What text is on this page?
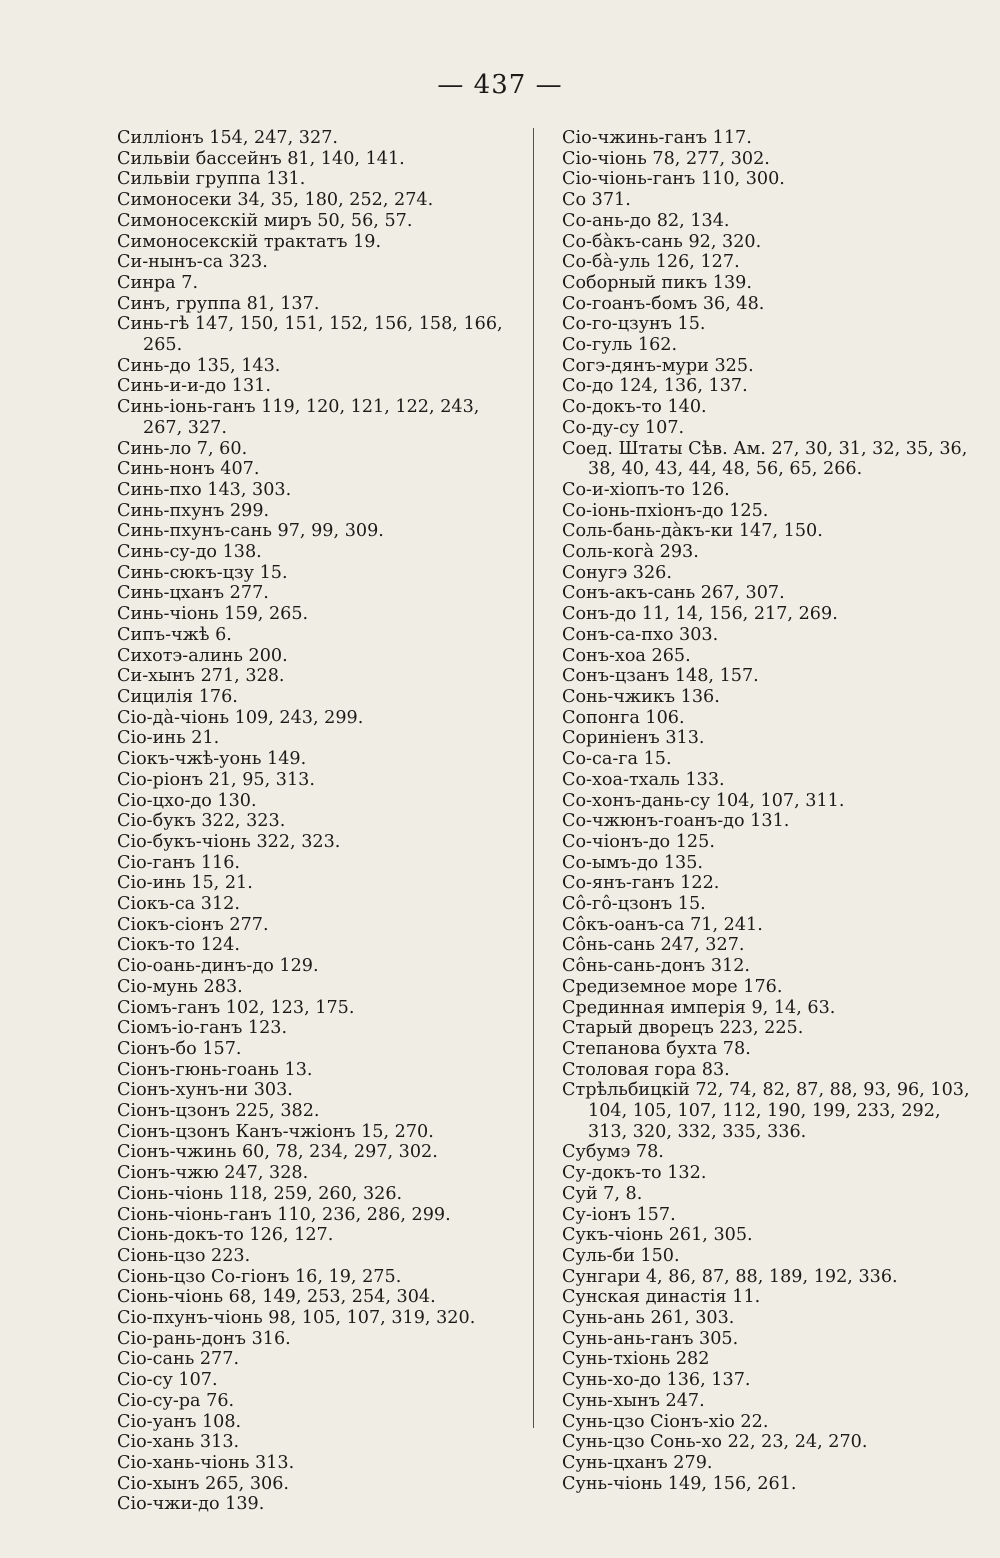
— 437 —
Силліонъ 154, 247, 327.
Сильвіи бассейнъ 81, 140, 141.
Сильвіи группа 131.
Симоносеки 34, 35, 180, 252, 274.
Симоносекскій миръ 50, 56, 57.
Симоносекскій трактатъ 19.
Си-нынъ-са 323.
Синра 7.
Синъ, группа 81, 137.
Синь-гѣ 147, 150, 151, 152, 156, 158, 166, 265.
Синь-до 135, 143.
Синь-и-и-до 131.
Синь-іонь-ганъ 119, 120, 121, 122, 243, 267, 327.
Синь-ло 7, 60.
Синь-нонъ 407.
Синь-пхо 143, 303.
Синь-пхунъ 299.
Синь-пхунъ-сань 97, 99, 309.
Синь-су-до 138.
Синь-сюкъ-цзу 15.
Синь-цханъ 277.
Синь-чіонь 159, 265.
Сипъ-чжѣ 6.
Сихотэ-алинь 200.
Си-хынъ 271, 328.
Сицилія 176.
Сіо-дà-чіонь 109, 243, 299.
Сіо-инь 21.
Сіокъ-чжѣ-уонь 149.
Сіо-ріонъ 21, 95, 313.
Сіо-цхо-до 130.
Сіо-букъ 322, 323.
Сіо-букъ-чіонь 322, 323.
Сіо-ганъ 116.
Сіо-инь 15, 21.
Сіокъ-са 312.
Сіокъ-сіонъ 277.
Сіокъ-то 124.
Сіо-оань-динъ-до 129.
Сіо-мунь 283.
Сіомъ-ганъ 102, 123, 175.
Сіомъ-іо-ганъ 123.
Сіонъ-бо 157.
Сіонъ-гюнь-гоань 13.
Сіонъ-хунъ-ни 303.
Сіонъ-цзонъ 225, 382.
Сіонъ-цзонъ Канъ-чжіонъ 15, 270.
Сіонъ-чжинь 60, 78, 234, 297, 302.
Сіонъ-чжю 247, 328.
Сіонь-чіонь 118, 259, 260, 326.
Сіонь-чіонь-ганъ 110, 236, 286, 299.
Сіонь-докъ-то 126, 127.
Сіонь-цзо 223.
Сіонь-цзо Со-гіонъ 16, 19, 275.
Сіонь-чіонь 68, 149, 253, 254, 304.
Сіо-пхунъ-чіонь 98, 105, 107, 319, 320.
Сіо-рань-донъ 316.
Сіо-сань 277.
Сіо-су 107.
Сіо-су-ра 76.
Сіо-уанъ 108.
Сіо-хань 313.
Сіо-хань-чіонь 313.
Сіо-хынъ 265, 306.
Сіо-чжи-до 139.
Сіо-чжинь-ганъ 117.
Сіо-чіонь 78, 277, 302.
Сіо-чіонь-ганъ 110, 300.
Со 371.
Со-ань-до 82, 134.
Со-бàкъ-сань 92, 320.
Со-бà-уль 126, 127.
Соборный пикъ 139.
Со-гоанъ-бомъ 36, 48.
Со-го-цзунъ 15.
Со-гуль 162.
Согэ-дянъ-мури 325.
Со-до 124, 136, 137.
Со-докъ-то 140.
Со-ду-су 107.
Соед. Штаты Сѣв. Ам. 27, 30, 31, 32, 35, 36, 38, 40, 43, 44, 48, 56, 65, 266.
Со-и-хіопъ-то 126.
Со-іонь-пхіонъ-до 125.
Соль-бань-дàкъ-ки 147, 150.
Соль-когà 293.
Сонугэ 326.
Сонъ-акъ-сань 267, 307.
Сонъ-до 11, 14, 156, 217, 269.
Сонъ-са-пхо 303.
Сонъ-хоа 265.
Сонъ-цзанъ 148, 157.
Сонь-чжикъ 136.
Сопонга 106.
Соринiенъ 313.
Со-са-га 15.
Со-хоа-тхаль 133.
Со-хонъ-дань-су 104, 107, 311.
Со-чжюнъ-гоанъ-до 131.
Со-чіонъ-до 125.
Со-ымъ-до 135.
Со-янъ-ганъ 122.
Со̂-го̂-цзонъ 15.
Сôкъ-оанъ-са 71, 241.
Сôнь-сань 247, 327.
Сôнь-сань-донъ 312.
Средиземное море 176.
Срединная имперія 9, 14, 63.
Старый дворецъ 223, 225.
Степанова бухта 78.
Столовая гора 83.
Стрѣльбицкій 72, 74, 82, 87, 88, 93, 96, 103, 104, 105, 107, 112, 190, 199, 233, 292, 313, 320, 332, 335, 336.
Субумэ 78.
Су-докъ-то 132.
Суй 7, 8.
Су-іонъ 157.
Сукъ-чіонь 261, 305.
Суль-би 150.
Сунгари 4, 86, 87, 88, 189, 192, 336.
Сунская династія 11.
Сунь-ань 261, 303.
Сунь-ань-ганъ 305.
Сунь-тхіонь 282
Сунь-хо-до 136, 137.
Сунь-хынъ 247.
Сунь-цзо Сіонъ-хіо 22.
Сунь-цзо Сонь-хо 22, 23, 24, 270.
Сунь-цханъ 279.
Сунь-чіонь 149, 156, 261.
